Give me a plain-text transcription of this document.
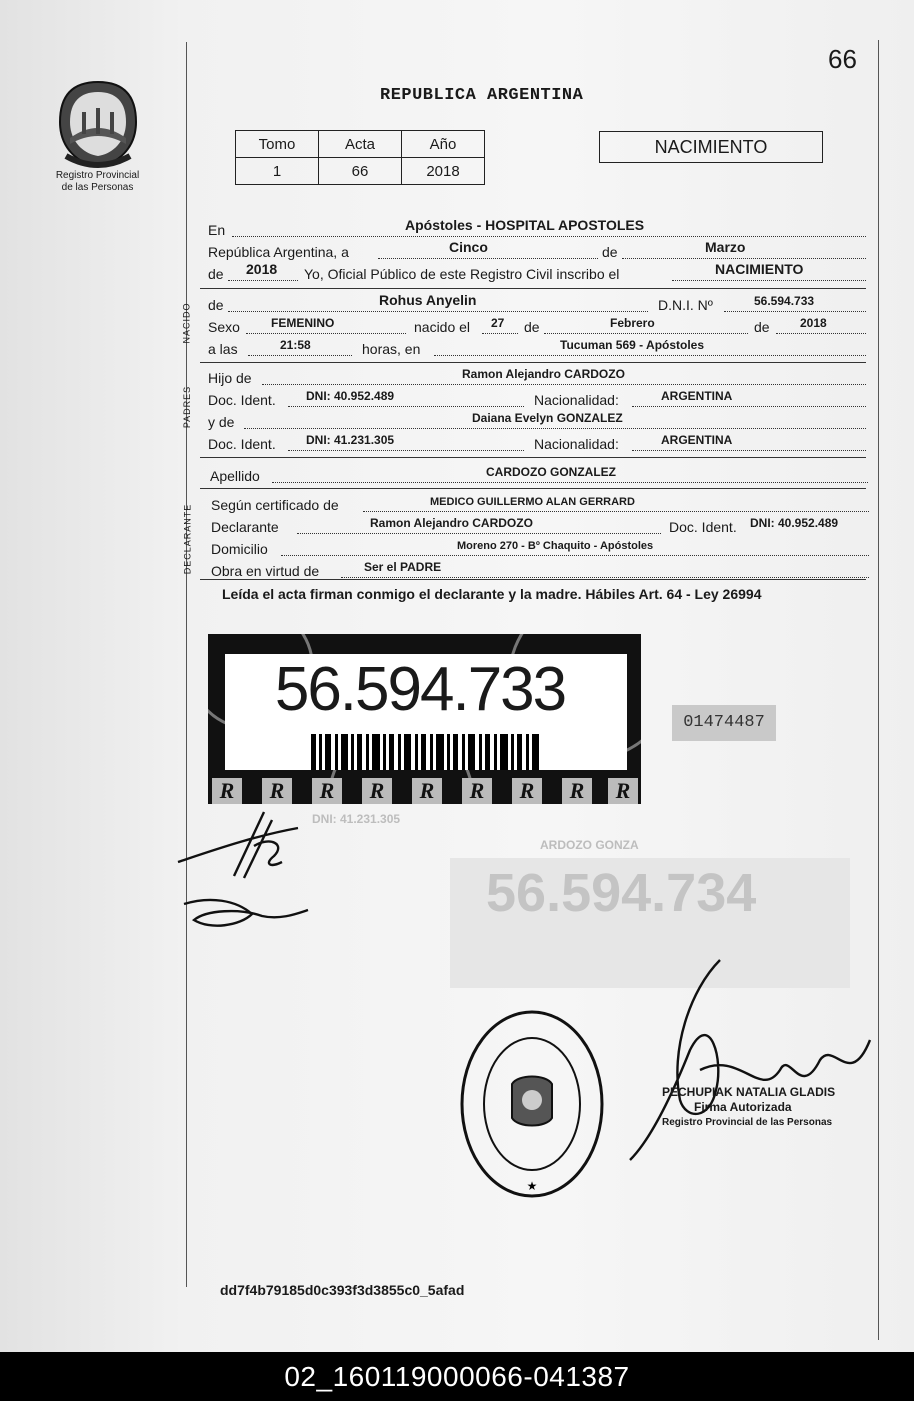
66
Registro Provincial
de las Personas
REPUBLICA ARGENTINA
Tomo	Acta	Año
1	66	2018
NACIMIENTO
En	Apóstoles - HOSPITAL APOSTOLES
República Argentina, a	Cinco	de	Marzo
de 2018 Yo, Oficial Público de este Registro Civil inscribo el	NACIMIENTO
NACIDO de	Rohus Anyelin	D.N.I. Nº	56.594.733
Sexo	FEMENINO	nacido el 27 de	Febrero	de	2018
a las	21:58	horas, en	Tucuman 569 - Apóstoles
PADRES
Hijo de	Ramon Alejandro CARDOZO
Doc. Ident.	DNI: 40.952.489	Nacionalidad:	ARGENTINA
y de	Daiana Evelyn GONZALEZ
Doc. Ident.	DNI: 41.231.305	Nacionalidad:	ARGENTINA
Apellido	CARDOZO GONZALEZ
DECLARANTE Según certificado de	MEDICO GUILLERMO ALAN GERRARD
Declarante	Ramon Alejandro CARDOZO	Doc. Ident. DNI: 40.952.489
Domicilio	Moreno 270 - Bº Chaquito - Apóstoles
Obra en virtud de	Ser el PADRE
Leída el acta firman conmigo el declarante y la madre. Hábiles Art. 64 - Ley 26994
56.594.733
R	R	R	R	R	R	R	R	R
01474487
DNI: 41.231.305
ARDOZO GONZA
56.594.734
★
PECHUPIAK NATALIA GLADIS
Firma Autorizada
Registro Provincial de las Personas
dd7f4b79185d0c393f3d3855c0_5afad
02_160119000066-041387
